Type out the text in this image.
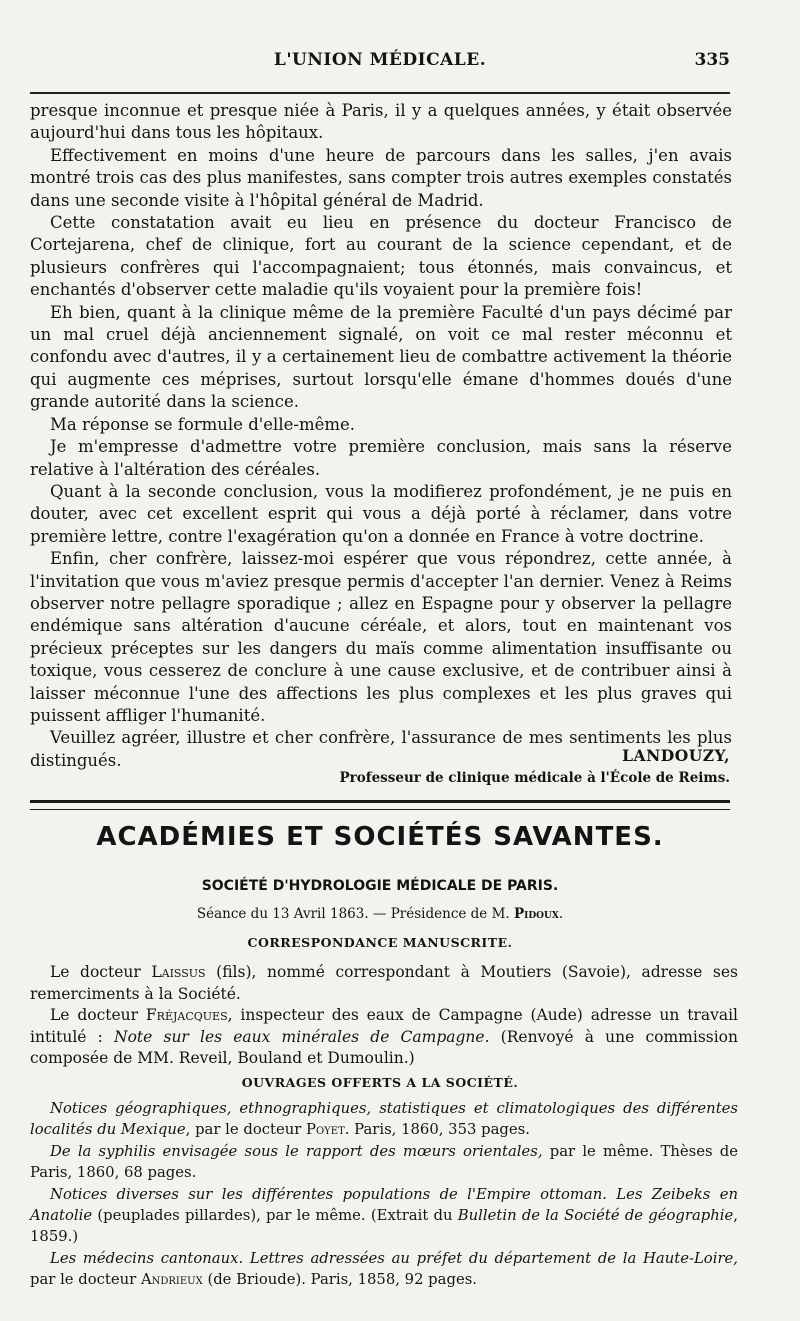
L'UNION MÉDICALE.	335

presque inconnue et presque niée à Paris, il y a quelques années, y était observée aujourd'hui dans tous les hôpitaux.

Effectivement en moins d'une heure de parcours dans les salles, j'en avais montré trois cas des plus manifestes, sans compter trois autres exemples constatés dans une seconde visite à l'hôpital général de Madrid.

Cette constatation avait eu lieu en présence du docteur Francisco de Cortejarena, chef de clinique, fort au courant de la science cependant, et de plusieurs confrères qui l'accompagnaient; tous étonnés, mais convaincus, et enchantés d'observer cette maladie qu'ils voyaient pour la première fois!

Eh bien, quant à la clinique même de la première Faculté d'un pays décimé par un mal cruel déjà anciennement signalé, on voit ce mal rester méconnu et confondu avec d'autres, il y a certainement lieu de combattre activement la théorie qui augmente ces méprises, surtout lorsqu'elle émane d'hommes doués d'une grande autorité dans la science.

Ma réponse se formule d'elle-même.

Je m'empresse d'admettre votre première conclusion, mais sans la réserve relative à l'altération des céréales.

Quant à la seconde conclusion, vous la modifierez profondément, je ne puis en douter, avec cet excellent esprit qui vous a déjà porté à réclamer, dans votre première lettre, contre l'exagération qu'on a donnée en France à votre doctrine.

Enfin, cher confrère, laissez-moi espérer que vous répondrez, cette année, à l'invitation que vous m'aviez presque permis d'accepter l'an dernier. Venez à Reims observer notre pellagre sporadique ; allez en Espagne pour y observer la pellagre endémique sans altération d'aucune céréale, et alors, tout en maintenant vos précieux préceptes sur les dangers du maïs comme alimentation insuffisante ou toxique, vous cesserez de conclure à une cause exclusive, et de contribuer ainsi à laisser méconnue l'une des affections les plus complexes et les plus graves qui puissent affliger l'humanité.

Veuillez agréer, illustre et cher confrère, l'assurance de mes sentiments les plus distingués.	LANDOUZY,
Professeur de clinique médicale à l'École de Reims.
ACADÉMIES ET SOCIÉTÉS SAVANTES.
SOCIÉTÉ D'HYDROLOGIE MÉDICALE DE PARIS.
Séance du 13 Avril 1863. — Présidence de M. Pidoux.
CORRESPONDANCE MANUSCRITE.

Le docteur Laissus (fils), nommé correspondant à Moutiers (Savoie), adresse ses remerciments à la Société.

Le docteur Fréjacques, inspecteur des eaux de Campagne (Aude) adresse un travail intitulé : Note sur les eaux minérales de Campagne. (Renvoyé à une commission composée de MM. Reveil, Bouland et Dumoulin.)

OUVRAGES OFFERTS A LA SOCIÉTÉ.

Notices géographiques, ethnographiques, statistiques et climatologiques des différentes localités du Mexique, par le docteur Poyet. Paris, 1860, 353 pages.

De la syphilis envisagée sous le rapport des mœurs orientales, par le même. Thèses de Paris, 1860, 68 pages.

Notices diverses sur les différentes populations de l'Empire ottoman. Les Zeibeks en Anatolie (peuplades pillardes), par le même. (Extrait du Bulletin de la Société de géographie, 1859.)

Les médecins cantonaux. Lettres adressées au préfet du département de la Haute-Loire, par le docteur Andrieux (de Brioude). Paris, 1858, 92 pages.
